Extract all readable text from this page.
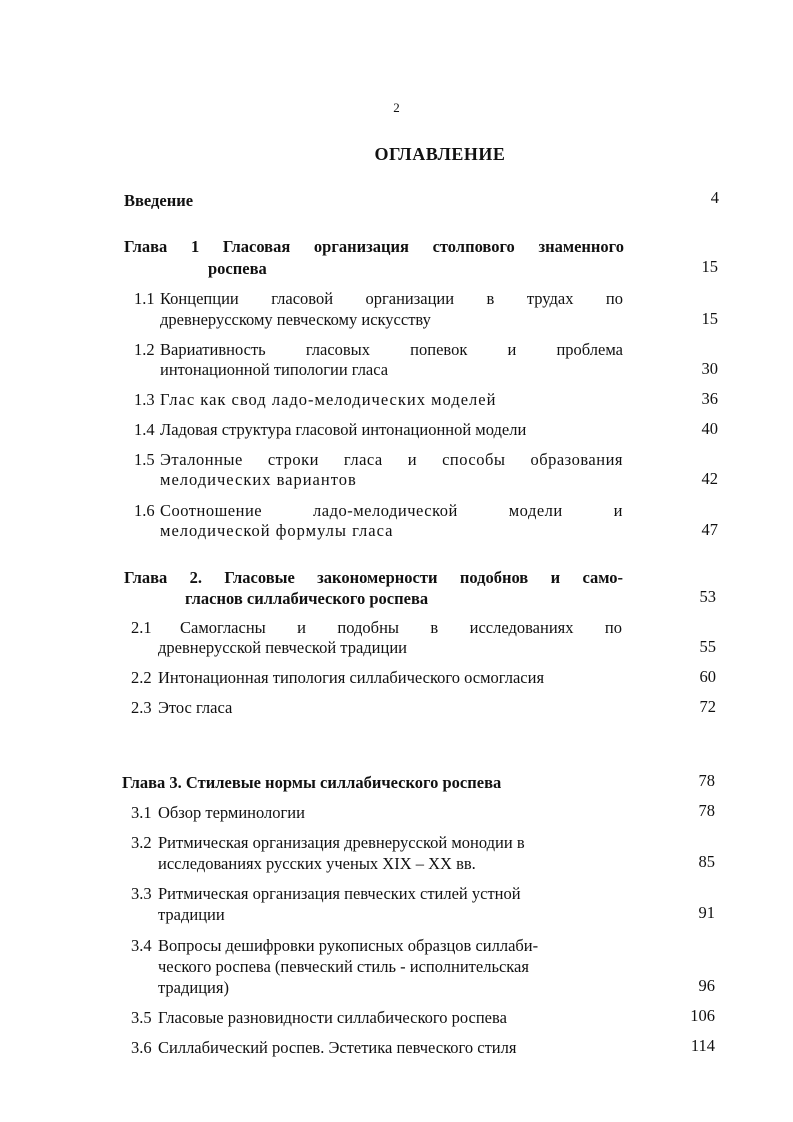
2
ОГЛАВЛЕНИЕ
Введение	4
Глава 1 Гласовая организация столпового знаменного
роспева	15
1.1 Концепции гласовой организации в трудах по
древнерусскому певческому искусству	15
1.2 Вариативность гласовых попевок и проблема
интонационной типологии гласа	30
1.3 Глас как свод ладо-мелодических моделей	36
1.4 Ладовая структура гласовой интонационной модели	40
1.5 Эталонные строки гласа и способы образования
мелодических вариантов	42
1.6 Соотношение ладо-мелодической модели и
мелодической формулы гласа	47
Глава 2. Гласовые закономерности подобнов и само-
гласнов силлабического роспева	53
2.1 Самогласны и подобны в исследованиях по
древнерусской певческой традиции	55
2.2 Интонационная типология силлабического осмогласия	60
2.3 Этос гласа	72
Глава 3. Стилевые нормы силлабического роспева	78
3.1 Обзор терминологии	78
3.2 Ритмическая организация древнерусской монодии в
исследованиях русских ученых XIX – XX вв.	85
3.3 Ритмическая организация певческих стилей устной
традиции	91
3.4 Вопросы дешифровки рукописных образцов силлаби-
ческого роспева (певческий стиль - исполнительская
традиция)	96
3.5 Гласовые разновидности силлабического роспева	106
3.6 Силлабический роспев. Эстетика певческого стиля	114
